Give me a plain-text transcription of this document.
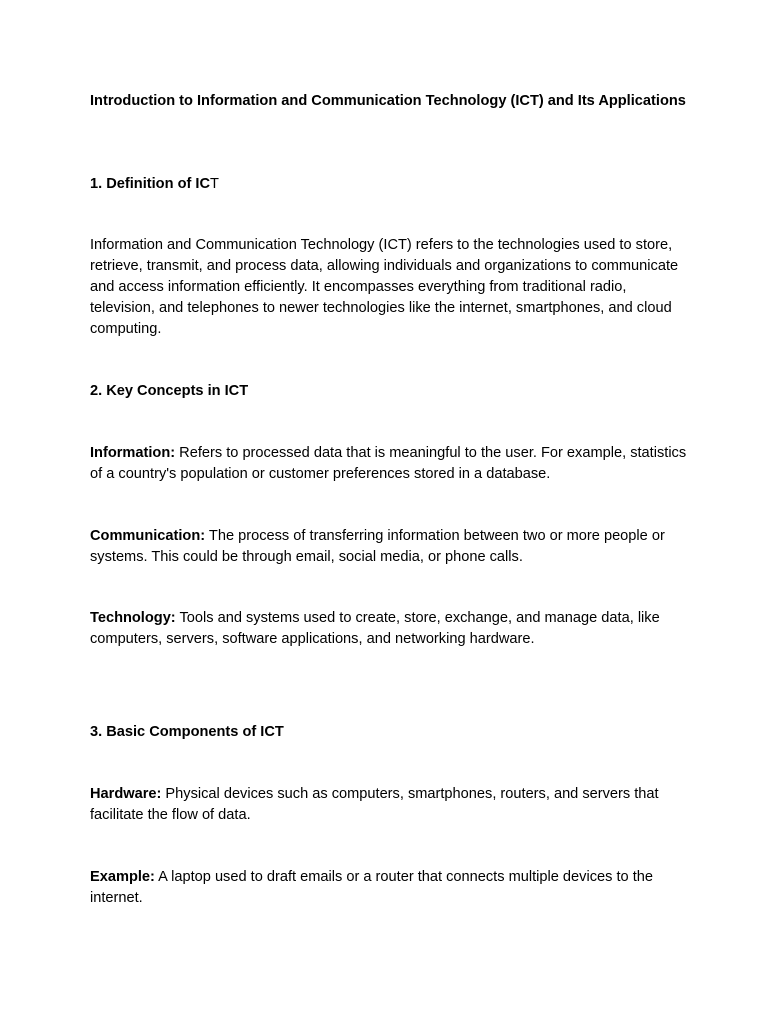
Introduction to Information and Communication Technology (ICT) and Its Applications
1. Definition of ICT

Information and Communication Technology (ICT) refers to the technologies used to store, retrieve, transmit, and process data, allowing individuals and organizations to communicate and access information efficiently. It encompasses everything from traditional radio, television, and telephones to newer technologies like the internet, smartphones, and cloud computing.

2. Key Concepts in ICT

Information: Refers to processed data that is meaningful to the user. For example, statistics of a country's population or customer preferences stored in a database.

Communication: The process of transferring information between two or more people or systems. This could be through email, social media, or phone calls.

Technology: Tools and systems used to create, store, exchange, and manage data, like computers, servers, software applications, and networking hardware.

3. Basic Components of ICT

Hardware: Physical devices such as computers, smartphones, routers, and servers that facilitate the flow of data.

Example: A laptop used to draft emails or a router that connects multiple devices to the internet.
